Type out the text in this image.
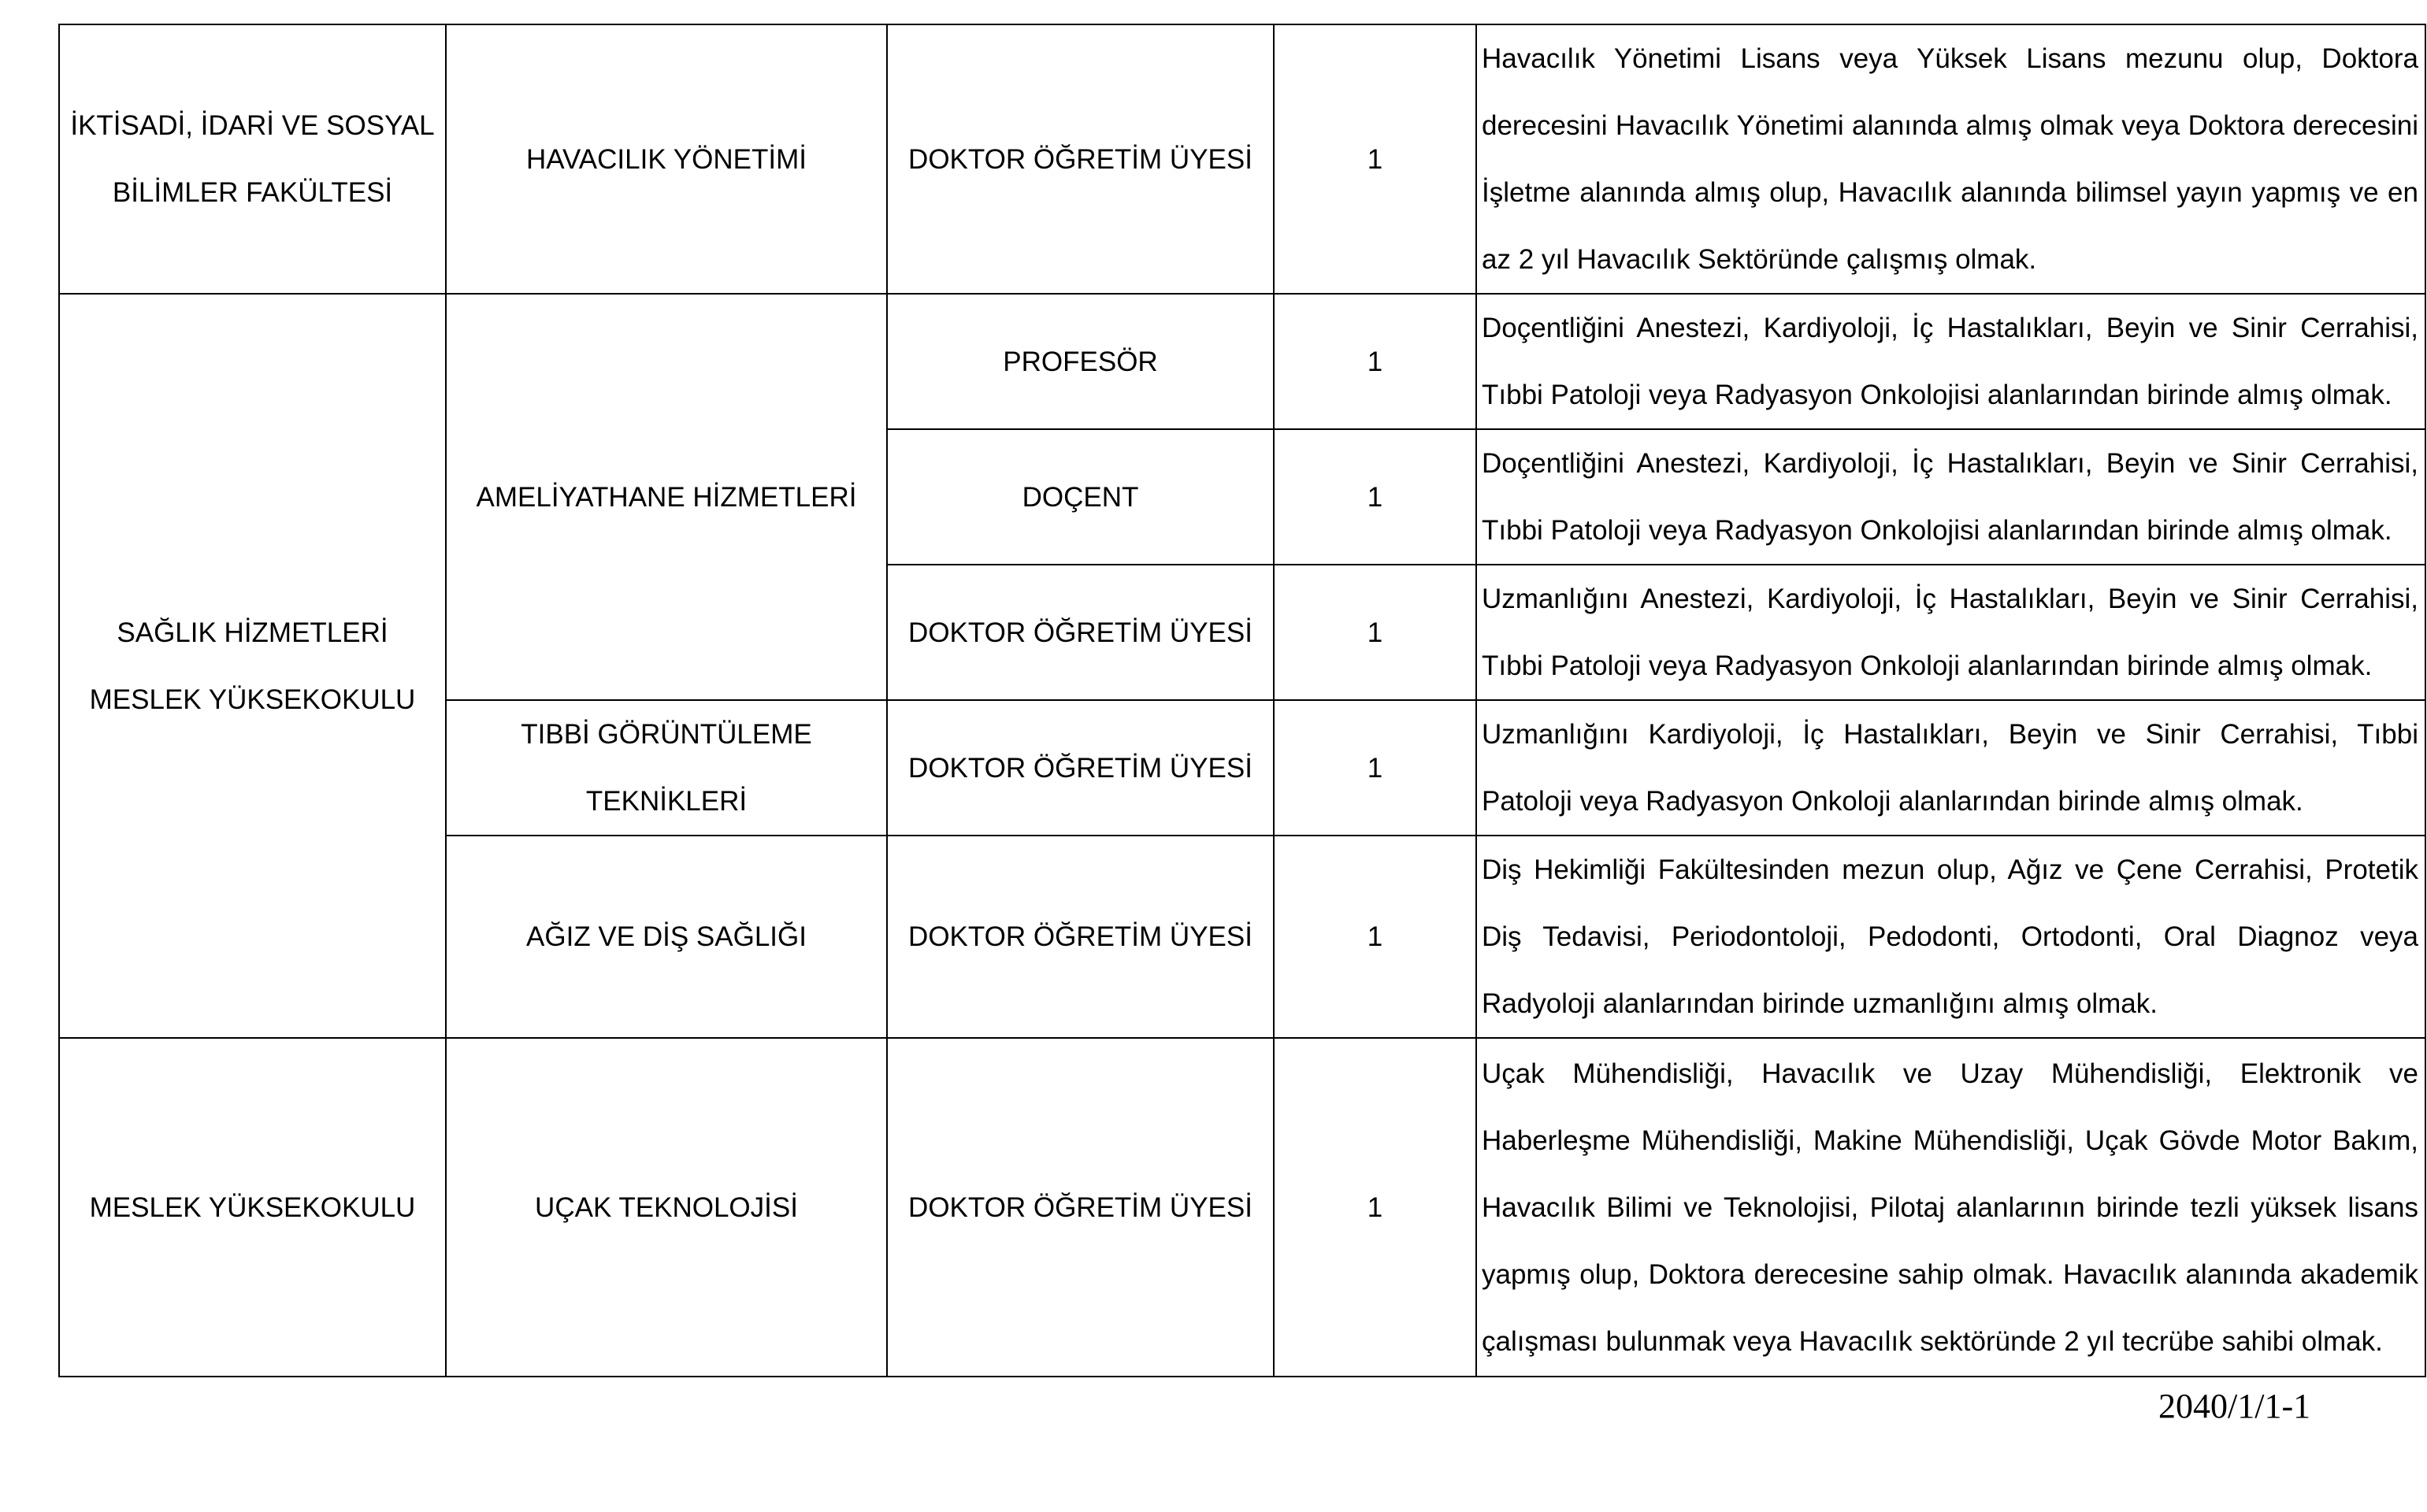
İKTİSADİ, İDARİ VE SOSYAL BİLİMLER FAKÜLTESİ	HAVACILIK YÖNETİMİ	DOKTOR ÖĞRETİM ÜYESİ	1	Havacılık Yönetimi Lisans veya Yüksek Lisans mezunu olup, Doktora derecesini Havacılık Yönetimi alanında almış olmak veya Doktora derecesini İşletme alanında almış olup, Havacılık alanında bilimsel yayın yapmış ve en az 2 yıl Havacılık Sektöründe çalışmış olmak.
SAĞLIK HİZMETLERİ MESLEK YÜKSEKOKULU	AMELİYATHANE HİZMETLERİ	PROFESÖR	1	Doçentliğini Anestezi, Kardiyoloji, İç Hastalıkları, Beyin ve Sinir Cerrahisi, Tıbbi Patoloji veya Radyasyon Onkolojisi alanlarından birinde almış olmak.
		DOÇENT	1	Doçentliğini Anestezi, Kardiyoloji, İç Hastalıkları, Beyin ve Sinir Cerrahisi, Tıbbi Patoloji veya Radyasyon Onkolojisi alanlarından birinde almış olmak.
		DOKTOR ÖĞRETİM ÜYESİ	1	Uzmanlığını Anestezi, Kardiyoloji, İç Hastalıkları, Beyin ve Sinir Cerrahisi, Tıbbi Patoloji veya Radyasyon Onkoloji alanlarından birinde almış olmak.
	TIBBİ GÖRÜNTÜLEME TEKNİKLERİ	DOKTOR ÖĞRETİM ÜYESİ	1	Uzmanlığını Kardiyoloji, İç Hastalıkları, Beyin ve Sinir Cerrahisi, Tıbbi Patoloji veya Radyasyon Onkoloji alanlarından birinde almış olmak.
	AĞIZ VE DİŞ SAĞLIĞI	DOKTOR ÖĞRETİM ÜYESİ	1	Diş Hekimliği Fakültesinden mezun olup, Ağız ve Çene Cerrahisi, Protetik Diş Tedavisi, Periodontoloji, Pedodonti, Ortodonti, Oral Diagnoz veya Radyoloji alanlarından birinde uzmanlığını almış olmak.
MESLEK YÜKSEKOKULU	UÇAK TEKNOLOJİSİ	DOKTOR ÖĞRETİM ÜYESİ	1	Uçak Mühendisliği, Havacılık ve Uzay Mühendisliği, Elektronik ve Haberleşme Mühendisliği, Makine Mühendisliği, Uçak Gövde Motor Bakım, Havacılık Bilimi ve Teknolojisi, Pilotaj alanlarının birinde tezli yüksek lisans yapmış olup, Doktora derecesine sahip olmak. Havacılık alanında akademik çalışması bulunmak veya Havacılık sektöründe 2 yıl tecrübe sahibi olmak.
2040/1/1-1
